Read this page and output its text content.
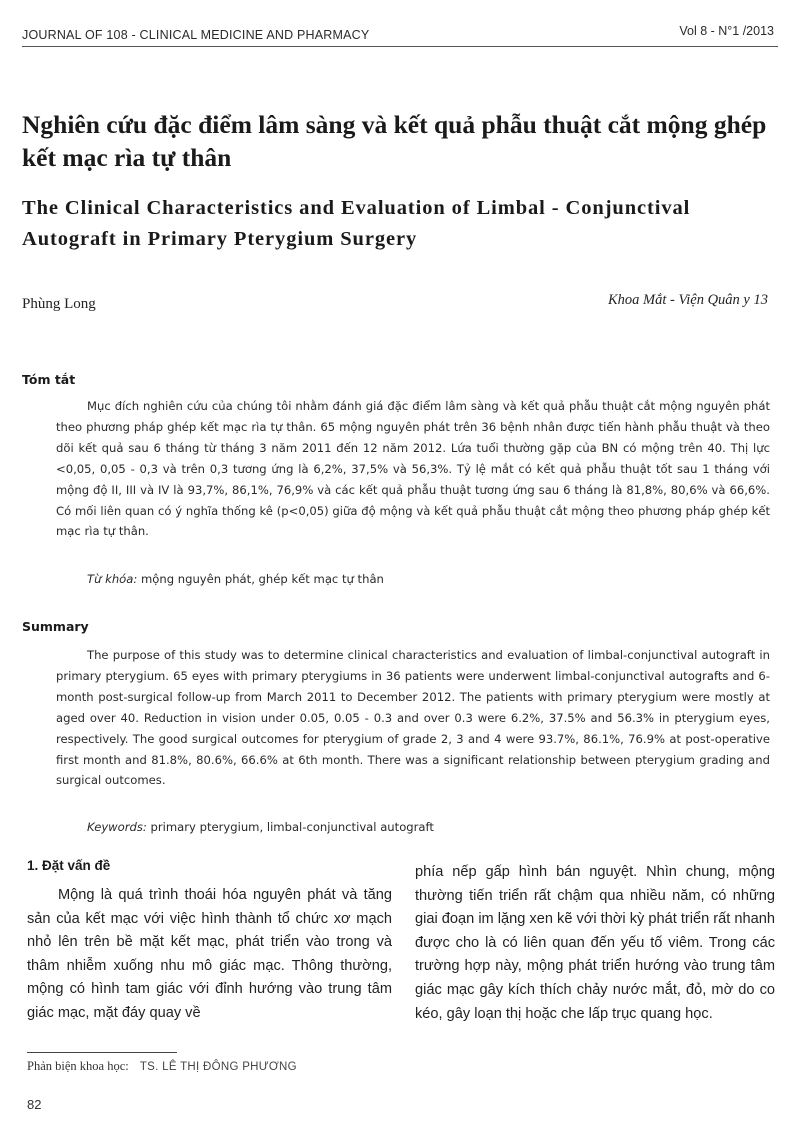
JOURNAL OF 108 - CLINICAL MEDICINE AND PHARMACY	Vol 8 - N°1 /2013
Nghiên cứu đặc điểm lâm sàng và kết quả phẫu thuật cắt mộng ghép kết mạc rìa tự thân
The Clinical Characteristics and Evaluation of Limbal - Conjunctival Autograft in Primary Pterygium Surgery
Phùng Long	Khoa Mắt - Viện Quân y 13
Tóm tắt

Mục đích nghiên cứu của chúng tôi nhằm đánh giá đặc điểm lâm sàng và kết quả phẫu thuật cắt mộng nguyên phát theo phương pháp ghép kết mạc rìa tự thân. 65 mộng nguyên phát trên 36 bệnh nhân được tiến hành phẫu thuật và theo dõi kết quả sau 6 tháng từ tháng 3 năm 2011 đến 12 năm 2012. Lứa tuổi thường gặp của BN có mộng trên 40. Thị lực <0,05, 0,05 - 0,3 và trên 0,3 tương ứng là 6,2%, 37,5% và 56,3%. Tỷ lệ mắt có kết quả phẫu thuật tốt sau 1 tháng với mộng độ II, III và IV là 93,7%, 86,1%, 76,9% và các kết quả phẫu thuật tương ứng sau 6 tháng là 81,8%, 80,6% và 66,6%. Có mối liên quan có ý nghĩa thống kê (p<0,05) giữa độ mộng và kết quả phẫu thuật cắt mộng theo phương pháp ghép kết mạc rìa tự thân.

Từ khóa: mộng nguyên phát, ghép kết mạc tự thân
Summary

The purpose of this study was to determine clinical characteristics and evaluation of limbal-conjunctival autograft in primary pterygium. 65 eyes with primary pterygiums in 36 patients were underwent limbal-conjunctival autografts and 6-month post-surgical follow-up from March 2011 to December 2012. The patients with primary pterygium were mostly at aged over 40. Reduction in vision under 0.05, 0.05 - 0.3 and over 0.3 were 6.2%, 37.5% and 56.3% in pterygium eyes, respectively. The good surgical outcomes for pterygium of grade 2, 3 and 4 were 93.7%, 86.1%, 76.9% at post-operative first month and 81.8%, 80.6%, 66.6% at 6th month. There was a significant relationship between pterygium grading and surgical outcomes.

Keywords: primary pterygium, limbal-conjunctival autograft
1. Đặt vấn đề

Mộng là quá trình thoái hóa nguyên phát và tăng sản của kết mạc với việc hình thành tổ chức xơ mạch nhỏ lên trên bề mặt kết mạc, phát triển vào trong và thâm nhiễm xuống nhu mô giác mạc. Thông thường, mộng có hình tam giác với đỉnh hướng vào trung tâm giác mạc, mặt đáy quay về

phía nếp gấp hình bán nguyệt. Nhìn chung, mộng thường tiến triển rất chậm qua nhiều năm, có những giai đoạn im lặng xen kẽ với thời kỳ phát triển rất nhanh được cho là có liên quan đến yếu tố viêm. Trong các trường hợp này, mộng phát triển hướng vào trung tâm giác mạc gây kích thích chảy nước mắt, đỏ, mờ do co kéo, gây loạn thị hoặc che lấp trục quang học.

Phản biện khoa học: TS. LÊ THỊ ĐÔNG PHƯƠNG
82
